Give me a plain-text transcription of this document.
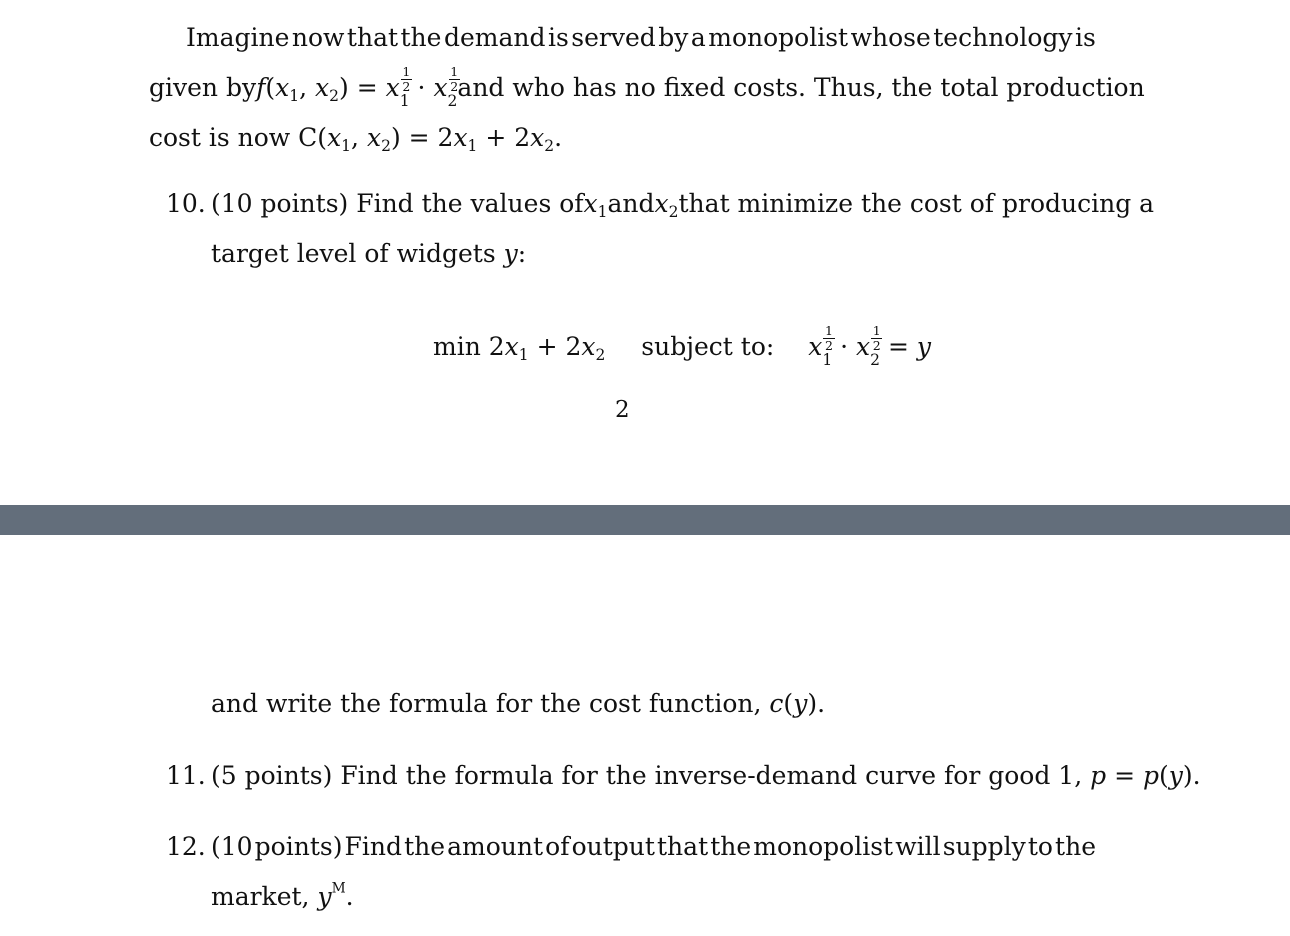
Imagine now that the demand is served by a monopolist whose technology is
given by $f(x_1$, $x_2) = x$
1
2
$_1$ · x
1
2
$_2$ and who has no fixed costs. Thus, the total production
cost is now $C(x_1$, $x_2) = 2x_1 + 2x_2$.
10. (10 points) Find the values of $x_1$ and $x_2$ that minimize the cost of producing a
target level of widgets y:
$\min 2x_1 + 2x_2$ subject to: x
1
2
$_1$ · x
1
2
$_2$ = y
2
and write the formula for the cost function, c(y).
11. (5 points) Find the formula for the inverse-demand curve for good 1, p = p(y).
12. (10 points) Find the amount of output that the monopolist will supply to the
market, $y^M$.
